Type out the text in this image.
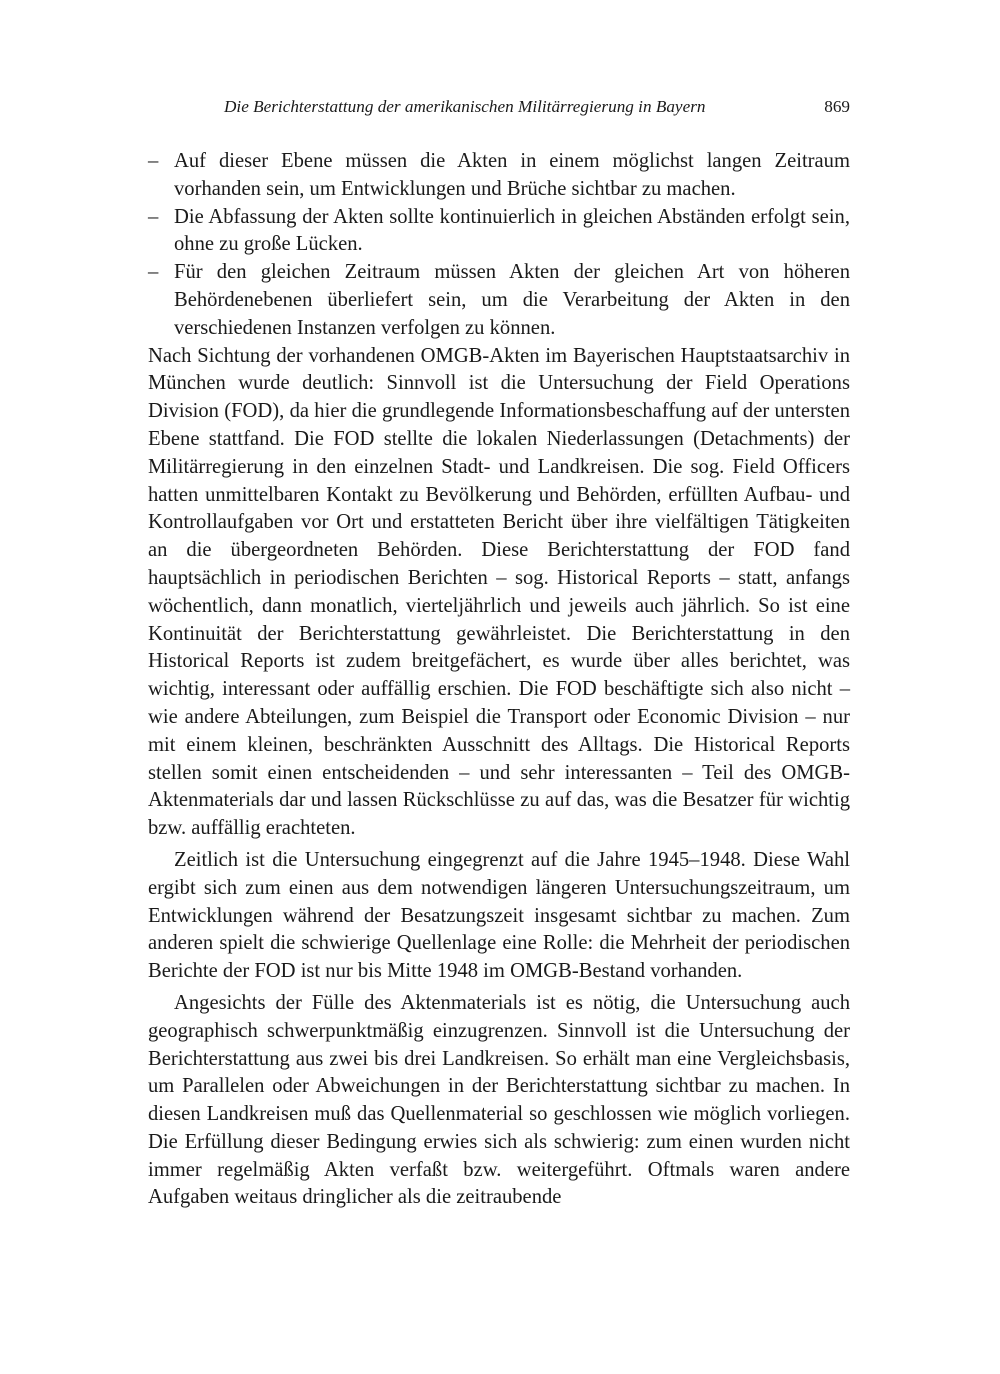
Die Berichterstattung der amerikanischen Militärregierung in Bayern	869
– Auf dieser Ebene müssen die Akten in einem möglichst langen Zeitraum vorhanden sein, um Entwicklungen und Brüche sichtbar zu machen.
– Die Abfassung der Akten sollte kontinuierlich in gleichen Abständen erfolgt sein, ohne zu große Lücken.
– Für den gleichen Zeitraum müssen Akten der gleichen Art von höheren Behördenebenen überliefert sein, um die Verarbeitung der Akten in den verschiedenen Instanzen verfolgen zu können.

Nach Sichtung der vorhandenen OMGB-Akten im Bayerischen Hauptstaatsarchiv in München wurde deutlich: Sinnvoll ist die Untersuchung der Field Operations Division (FOD), da hier die grundlegende Informationsbeschaffung auf der untersten Ebene stattfand. Die FOD stellte die lokalen Niederlassungen (Detachments) der Militärregierung in den einzelnen Stadt- und Landkreisen. Die sog. Field Officers hatten unmittelbaren Kontakt zu Bevölkerung und Behörden, erfüllten Aufbau- und Kontrollaufgaben vor Ort und erstatteten Bericht über ihre vielfältigen Tätigkeiten an die übergeordneten Behörden. Diese Berichterstattung der FOD fand hauptsächlich in periodischen Berichten – sog. Historical Reports – statt, anfangs wöchentlich, dann monatlich, vierteljährlich und jeweils auch jährlich. So ist eine Kontinuität der Berichterstattung gewährleistet. Die Berichterstattung in den Historical Reports ist zudem breitgefächert, es wurde über alles berichtet, was wichtig, interessant oder auffällig erschien. Die FOD beschäftigte sich also nicht – wie andere Abteilungen, zum Beispiel die Transport oder Economic Division – nur mit einem kleinen, beschränkten Ausschnitt des Alltags. Die Historical Reports stellen somit einen entscheidenden – und sehr interessanten – Teil des OMGB-Aktenmaterials dar und lassen Rückschlüsse zu auf das, was die Besatzer für wichtig bzw. auffällig erachteten.

Zeitlich ist die Untersuchung eingegrenzt auf die Jahre 1945–1948. Diese Wahl ergibt sich zum einen aus dem notwendigen längeren Untersuchungszeitraum, um Entwicklungen während der Besatzungszeit insgesamt sichtbar zu machen. Zum anderen spielt die schwierige Quellenlage eine Rolle: die Mehrheit der periodischen Berichte der FOD ist nur bis Mitte 1948 im OMGB-Bestand vorhanden.

Angesichts der Fülle des Aktenmaterials ist es nötig, die Untersuchung auch geographisch schwerpunktmäßig einzugrenzen. Sinnvoll ist die Untersuchung der Berichterstattung aus zwei bis drei Landkreisen. So erhält man eine Vergleichsbasis, um Parallelen oder Abweichungen in der Berichterstattung sichtbar zu machen. In diesen Landkreisen muß das Quellenmaterial so geschlossen wie möglich vorliegen. Die Erfüllung dieser Bedingung erwies sich als schwierig: zum einen wurden nicht immer regelmäßig Akten verfaßt bzw. weitergeführt. Oftmals waren andere Aufgaben weitaus dringlicher als die zeitraubende
